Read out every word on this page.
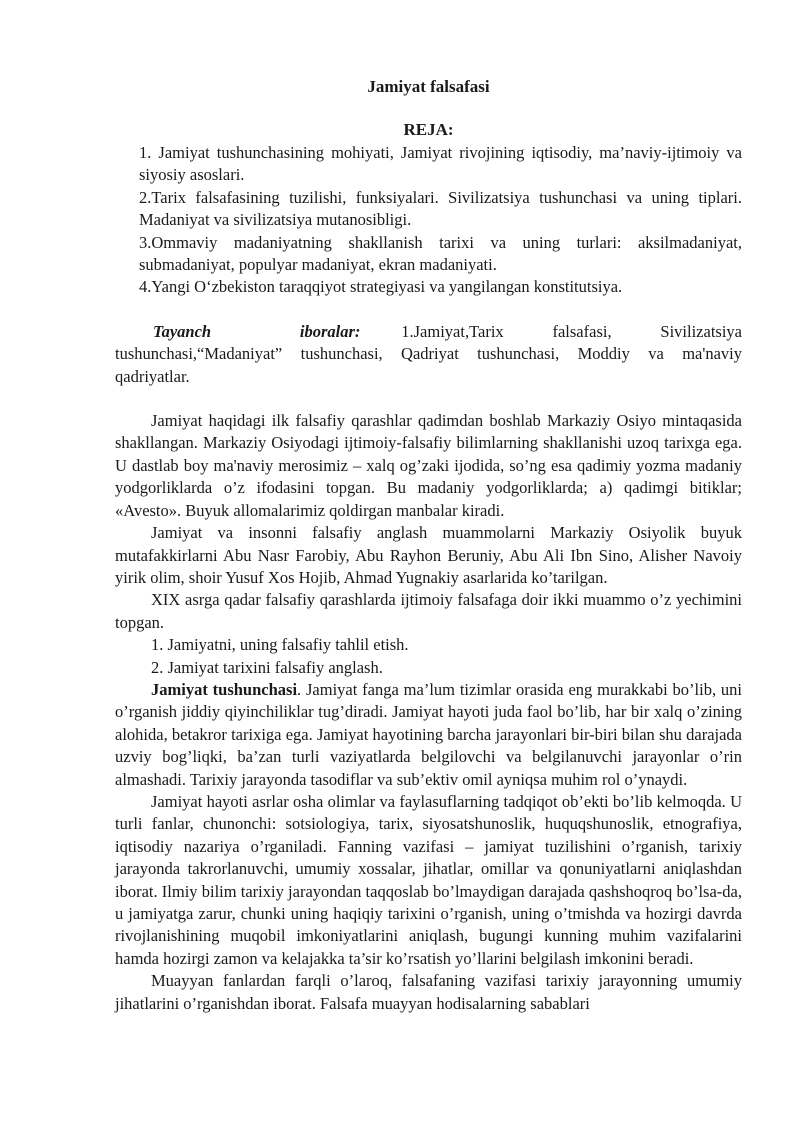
Jamiyat falsafasi

REJA:

1. Jamiyat tushunchasining mohiyati, Jamiyat rivojining iqtisodiy, ma’naviy-ijtimoiy va siyosiy asoslari.

2.Tarix falsafasining tuzilishi, funksiyalari. Sivilizatsiya tushunchasi va uning tiplari. Madaniyat va sivilizatsiya mutanosibligi.

3.Ommaviy madaniyatning shakllanish tarixi va uning turlari: aksilmadaniyat, submadaniyat, populyar madaniyat, ekran madaniyati.

4.Yangi O‘zbekiston taraqqiyot strategiyasi va yangilangan konstitutsiya.

Tayanch iboralar: 1.Jamiyat,Tarix falsafasi, Sivilizatsiya tushunchasi,“Madaniyat” tushunchasi, Qadriyat tushunchasi, Moddiy va ma'naviy qadriyatlar.

Jamiyat haqidagi ilk falsafiy qarashlar qadimdan boshlab Markaziy Osiyo mintaqasida shakllangan. Markaziy Osiyodagi ijtimoiy-falsafiy bilimlarning shakllanishi uzoq tarixga ega. U dastlab boy ma'naviy merosimiz – xalq og’zaki ijodida, so’ng esa qadimiy yozma madaniy yodgorliklarda o’z ifodasini topgan. Bu madaniy yodgorliklarda; a) qadimgi bitiklar; «Avesto». Buyuk allomalarimiz qoldirgan manbalar kiradi.

Jamiyat va insonni falsafiy anglash muammolarni Markaziy Osiyolik buyuk mutafakkirlarni Abu Nasr Farobiy, Abu Rayhon Beruniy, Abu Ali Ibn Sino, Alisher Navoiy yirik olim, shoir Yusuf Xos Hojib, Ahmad Yugnakiy asarlarida ko’tarilgan.

XIX asrga qadar falsafiy qarashlarda ijtimoiy falsafaga doir ikki muammo o’z yechimini topgan.

1. Jamiyatni, uning falsafiy tahlil etish.

2. Jamiyat tarixini falsafiy anglash.

Jamiyat tushunchasi. Jamiyat fanga ma’lum tizimlar orasida eng murakkabi bo’lib, uni o’rganish jiddiy qiyinchiliklar tug’diradi. Jamiyat hayoti juda faol bo’lib, har bir xalq o’zining alohida, betakror tarixiga ega. Jamiyat hayotining barcha jarayonlari bir-biri bilan shu darajada uzviy bog’liqki, ba’zan turli vaziyatlarda belgilovchi va belgilanuvchi jarayonlar o’rin almashadi. Tarixiy jarayonda tasodiflar va sub’ektiv omil ayniqsa muhim rol o’ynaydi.

Jamiyat hayoti asrlar osha olimlar va faylasuflarning tadqiqot ob’ekti bo’lib kelmoqda. U turli fanlar, chunonchi: sotsiologiya, tarix, siyosatshunoslik, huquqshunoslik, etnografiya, iqtisodiy nazariya o’rganiladi. Fanning vazifasi – jamiyat tuzilishini o’rganish, tarixiy jarayonda takrorlanuvchi, umumiy xossalar, jihatlar, omillar va qonuniyatlarni aniqlashdan iborat. Ilmiy bilim tarixiy jarayondan taqqoslab bo’lmaydigan darajada qashshoqroq bo’lsa-da, u jamiyatga zarur, chunki uning haqiqiy tarixini o’rganish, uning o’tmishda va hozirgi davrda rivojlanishining muqobil imkoniyatlarini aniqlash, bugungi kunning muhim vazifalarini hamda hozirgi zamon va kelajakka ta’sir ko’rsatish yo’llarini belgilash imkonini beradi.

Muayyan fanlardan farqli o’laroq, falsafaning vazifasi tarixiy jarayonning umumiy jihatlarini o’rganishdan iborat. Falsafa muayyan hodisalarning sabablari
